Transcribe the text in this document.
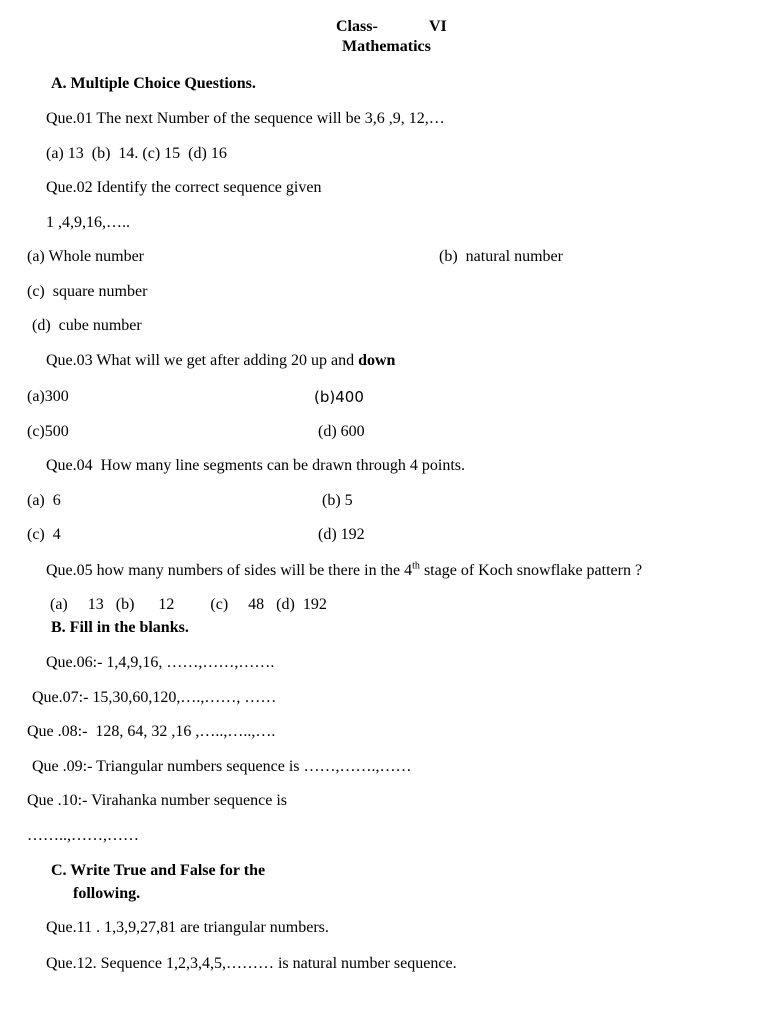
Class-	VI
Mathematics
A. Multiple Choice Questions.
Que.01 The next Number of the sequence will be 3,6 ,9, 12,…
(a) 13  (b)  14. (c) 15  (d) 16
Que.02 Identify the correct sequence given
1 ,4,9,16,…..
(a) Whole number	(b)  natural number
(c)  square number
(d)  cube number
Que.03 What will we get after adding 20 up and down
(a)300	(b)400
(c)500	(d) 600
Que.04  How many line segments can be drawn through 4 points.
(a)  6	(b) 5
(c)  4	(d) 192
Que.05 how many numbers of sides will be there in the 4th stage of Koch snowflake pattern ?
(a)     13   (b)      12         (c)     48   (d)  192
B. Fill in the blanks.
Que.06:- 1,4,9,16, ……,……,…….
Que.07:- 15,30,60,120,….,……, ……
Que .08:-  128, 64, 32 ,16 ,…..,…..,….
Que .09:- Triangular numbers sequence is ……,…….,……
Que .10:- Virahanka number sequence is
……..,……,……
C. Write True and False for the
following.
Que.11 . 1,3,9,27,81 are triangular numbers.
Que.12. Sequence 1,2,3,4,5,……… is natural number sequence.
